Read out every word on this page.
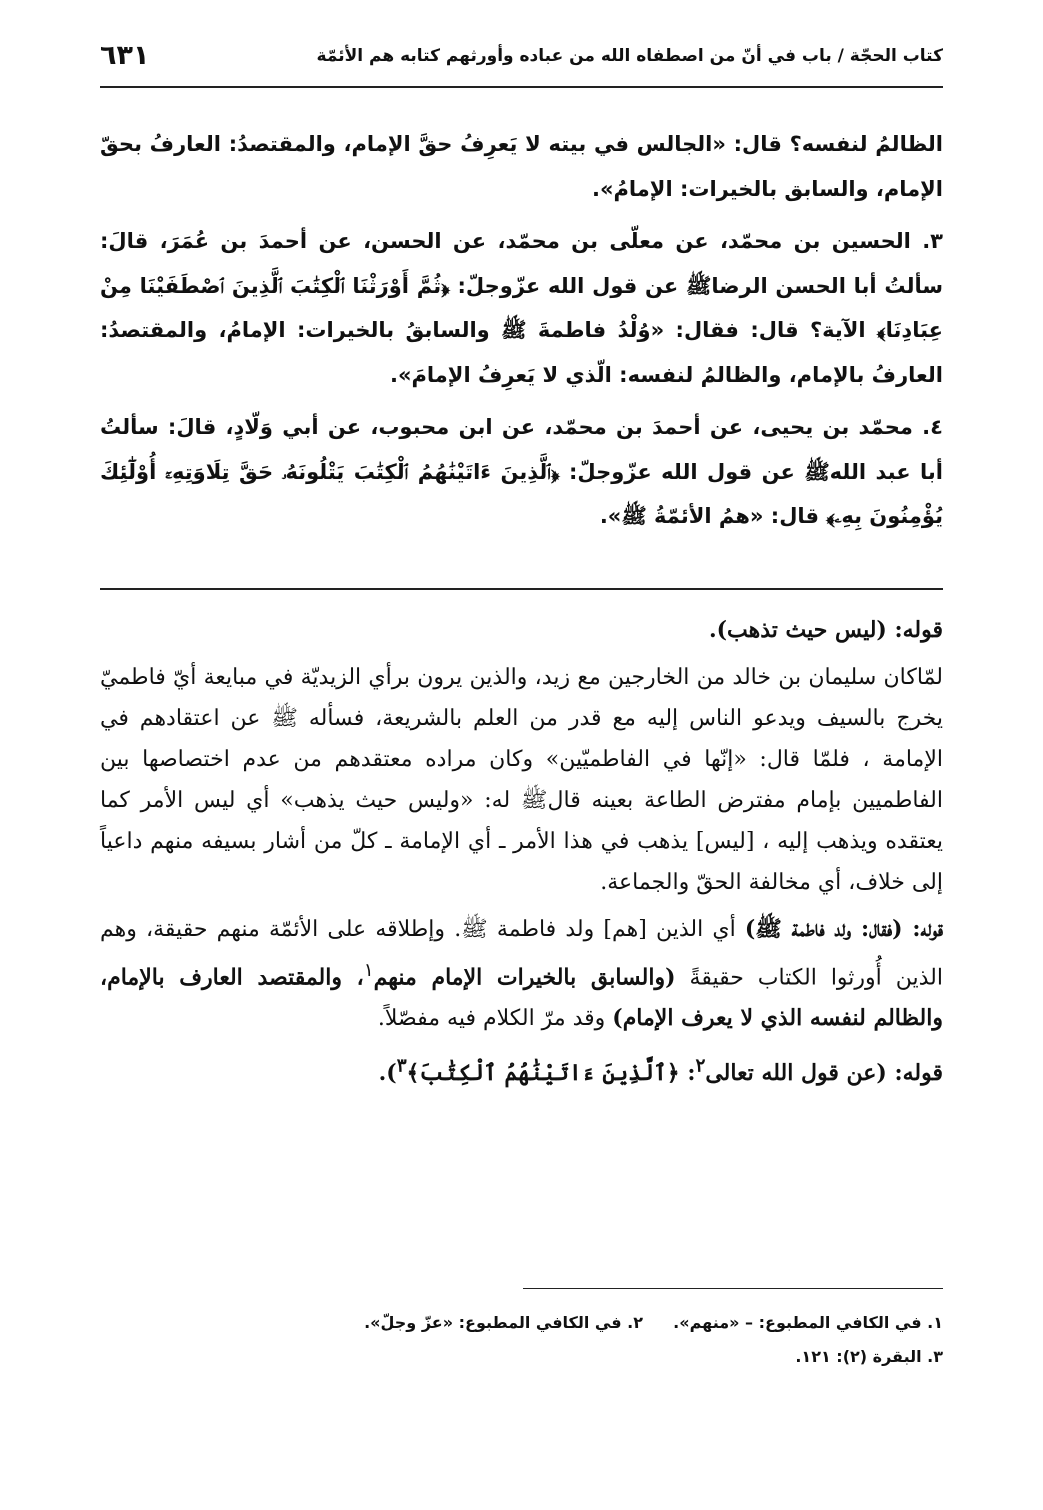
كتاب الحجّة / باب في أنّ من اصطفاه الله من عباده وأورثهم كتابه هم الأئمّة
٦٣١

الظالمُ لنفسه؟ قال: «الجالس في بيته لا يَعرِفُ حقَّ الإمام، والمقتصدُ: العارفُ بحقّ الإمام، والسابق بالخيرات: الإمامُ».

٣. الحسين بن محمّد، عن معلّى بن محمّد، عن الحسن، عن أحمدَ بن عُمَرَ، قالَ: سألتُ أبا الحسن الرضاﷺ عن قول الله عزّوجلّ: ﴿ثُمَّ أَوْرَثْنَا ٱلْكِتَٰبَ ٱلَّذِينَ ٱصْطَفَيْنَا مِنْ عِبَادِنَا﴾ الآية؟ قال: فقال: «وُلْدُ فاطمةَ ﷺ والسابقُ بالخيرات: الإمامُ، والمقتصدُ: العارفُ بالإمام، والظالمُ لنفسه: الّذي لا يَعرِفُ الإمامَ».

٤. محمّد بن يحيى، عن أحمدَ بن محمّد، عن ابن محبوب، عن أبي وَلّادٍ، قالَ: سألتُ أبا عبد اللهﷺ عن قول الله عزّوجلّ: ﴿ٱلَّذِينَ ءَاتَيْنَٰهُمُ ٱلْكِتَٰبَ يَتْلُونَهُۥ حَقَّ تِلَاوَتِهِۦٓ أُوْلَٰٓئِكَ يُؤْمِنُونَ بِهِۦ﴾ قال: «همُ الأئمّةُ ﷺ».

قوله: (ليس حيث تذهب).

لمّاكان سليمان بن خالد من الخارجين مع زيد، والذين يرون برأي الزيديّة في مبايعة أيّ فاطميّ يخرج بالسيف ويدعو الناس إليه مع قدر من العلم بالشريعة، فسأله ﷺ عن اعتقادهم في الإمامة ، فلمّا قال: «إنّها في الفاطميّين» وكان مراده معتقدهم من عدم اختصاصها بين الفاطميين بإمام مفترض الطاعة بعينه قالﷺ له: «وليس حيث يذهب» أي ليس الأمر كما يعتقده ويذهب إليه ، [ليس] يذهب في هذا الأمر ـ أي الإمامة ـ كلّ من أشار بسيفه منهم داعياً إلى خلاف، أي مخالفة الحقّ والجماعة.

قوله: (فقال: ولد فاطمة ﷺ) أي الذين [هم] ولد فاطمة ﷺ. وإطلاقه على الأئمّة منهم حقيقة، وهم الذين أُورثوا الكتاب حقيقةً (والسابق بالخيرات الإمام منهم$^١$، والمقتصد العارف بالإمام، والظالم لنفسه الذي لا يعرف الإمام) وقد مرّ الكلام فيه مفصّلاً.

قوله: (عن قول الله تعالى$^٢$: ﴿ٱلَّذِينَ ءَاتَيْنَٰهُمُ ٱلْكِتَٰبَ﴾$^٣$).

١. في الكافي المطبوع: – «منهم».
٢. في الكافي المطبوع: «عزّ وجلّ».
٣. البقرة (٢): ١٢١.
